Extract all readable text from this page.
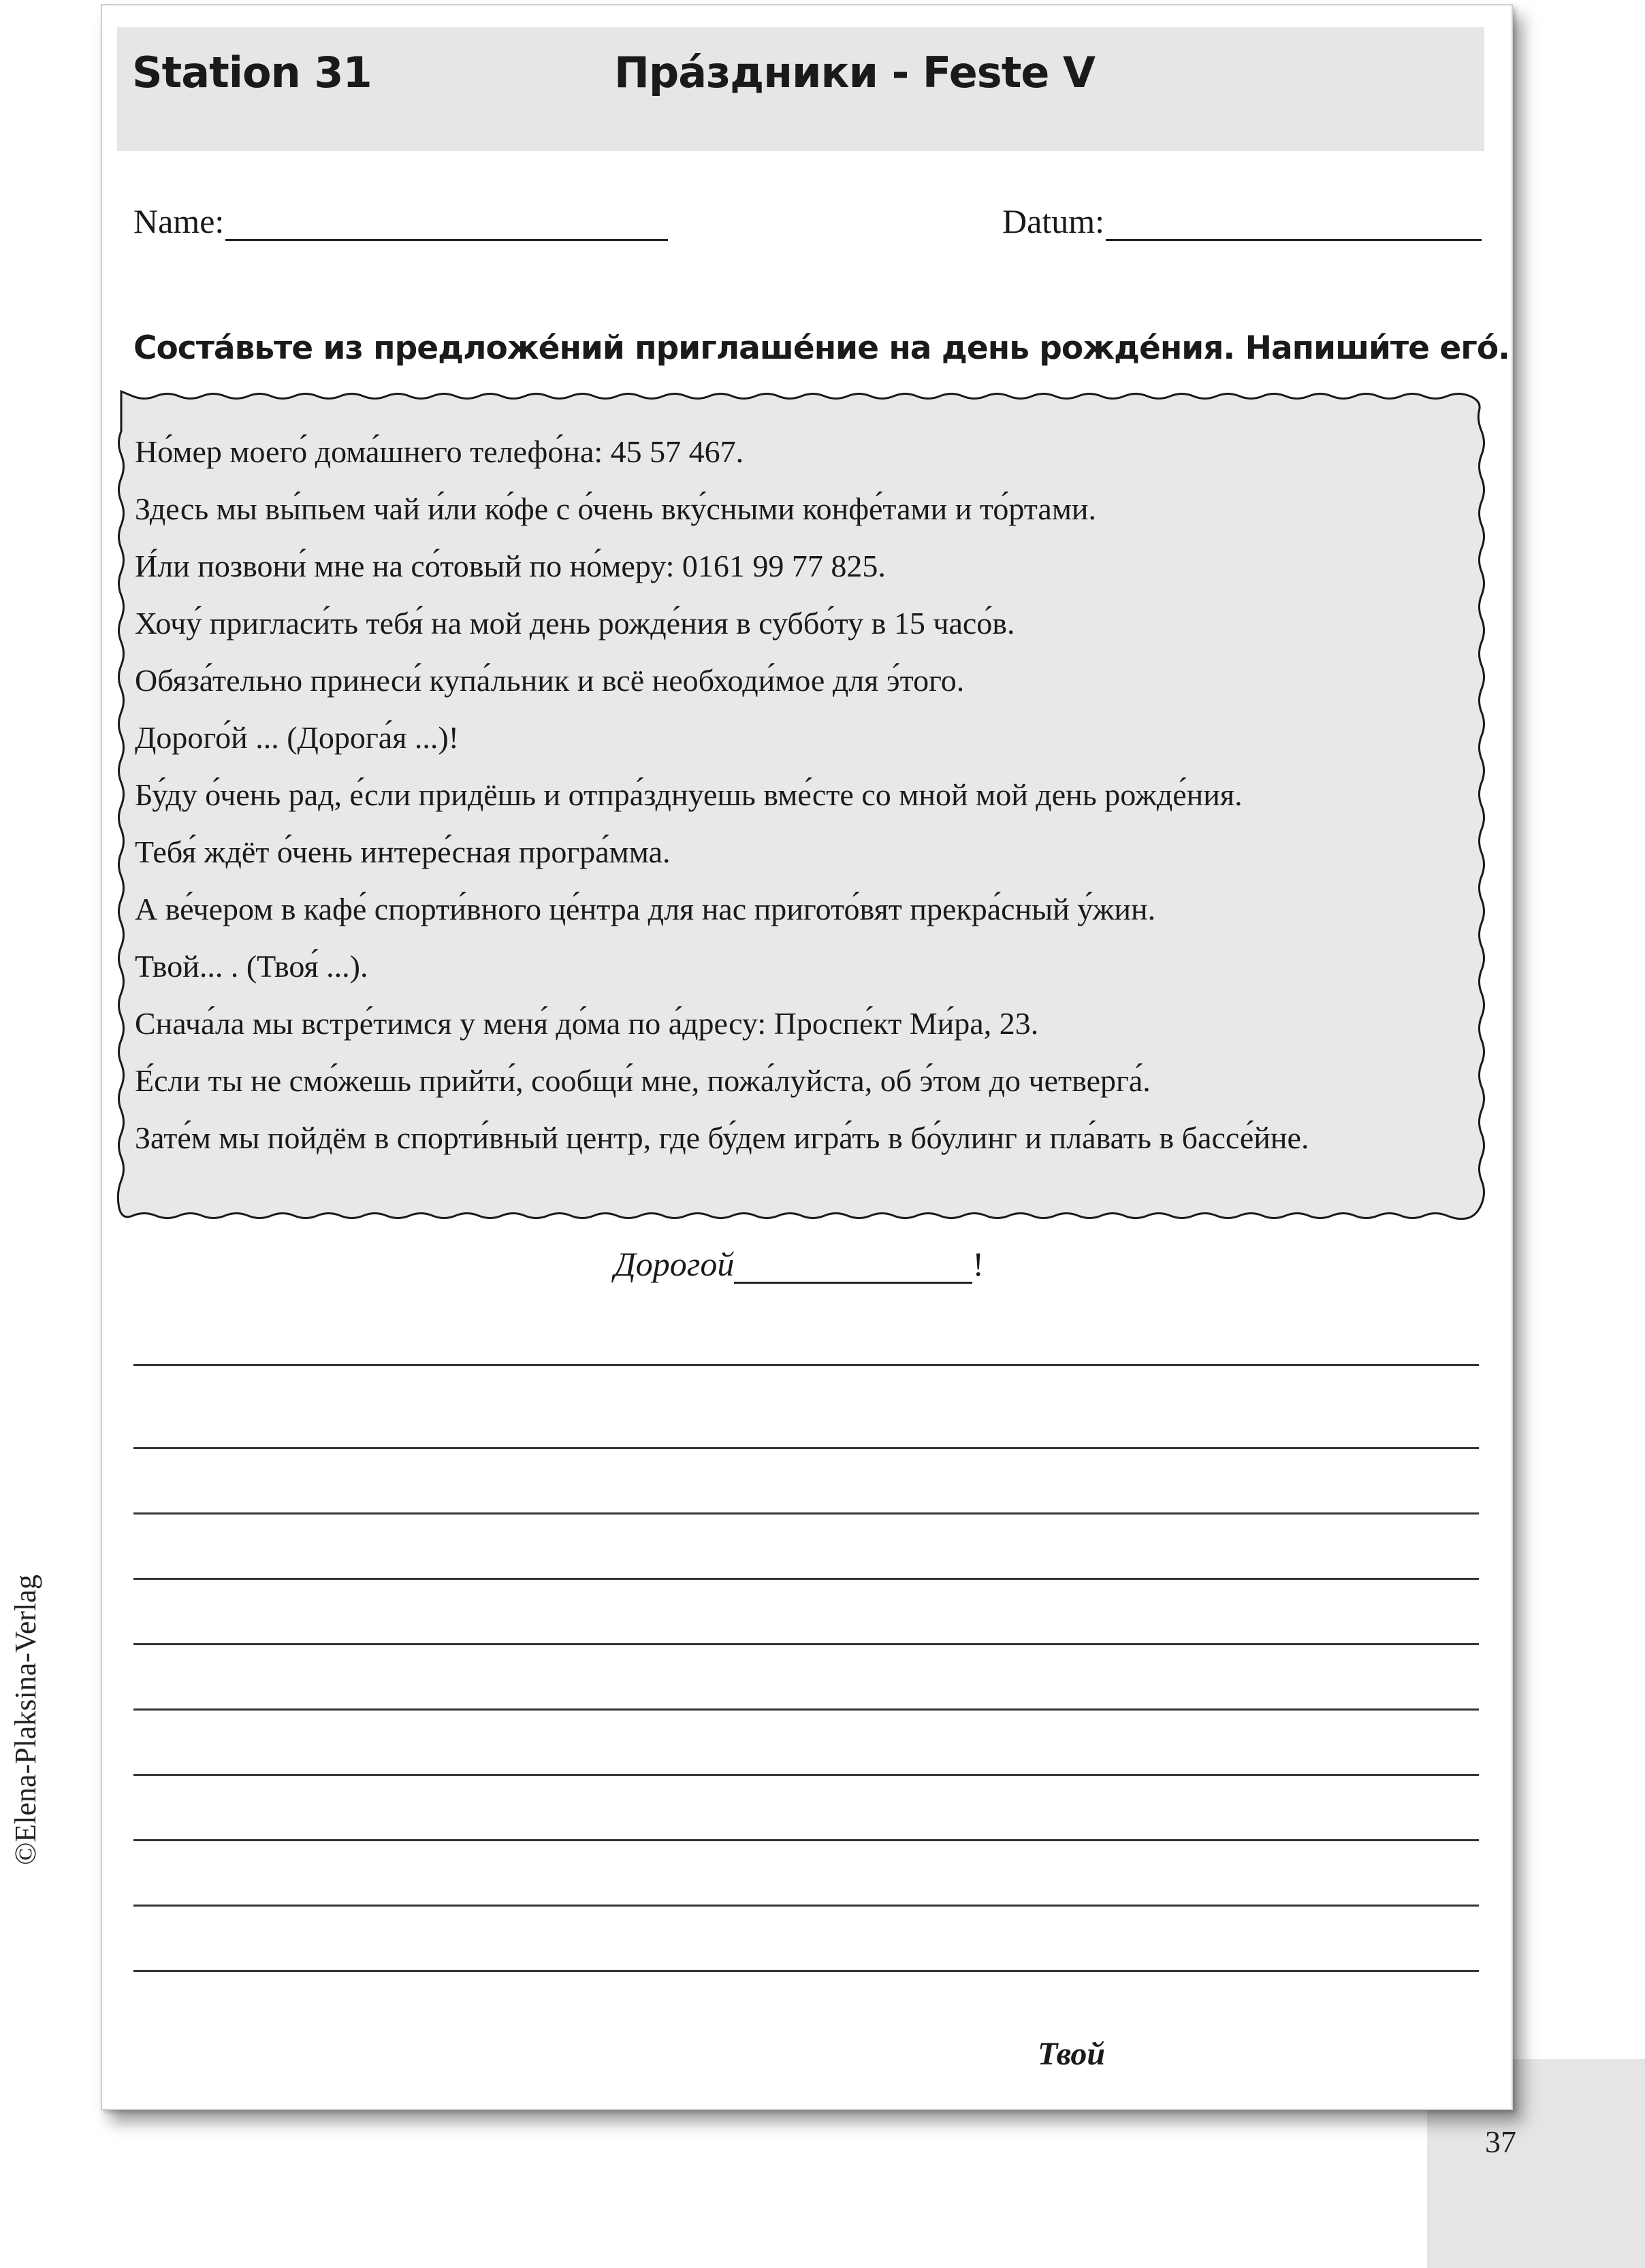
37
©Elena-Plaksina-Verlag
Station 31	Пра́здники - Feste V
Name:	Datum:
Соста́вьте из предложе́ний приглаше́ние на день рожде́ния. Напиши́те его́.
Но́мер моего́ дома́шнего телефо́на: 45 57 467.
Здесь мы вы́пьем чай и́ли ко́фе с о́чень вку́сными конфе́тами и то́ртами.
И́ли позвони́ мне на со́товый по но́меру: 0161 99 77 825.
Хочу́ пригласи́ть тебя́ на мой день рожде́ния в суббо́ту в 15 часо́в.
Обяза́тельно принеси́ купа́льник и всё необходи́мое для э́того.
Дорого́й ... (Дорога́я ...)!
Бу́ду о́чень рад, е́сли придёшь и отпра́зднуешь вме́сте со мной мой день рожде́ния.
Тебя́ ждёт о́чень интере́сная програ́мма.
А ве́чером в кафе́ спорти́вного це́нтра для нас пригото́вят прекра́сный у́жин.
Твой... . (Твоя́ ...).
Снача́ла мы встре́тимся у меня́ до́ма по а́дресу: Проспе́кт Ми́ра, 23.
Е́сли ты не смо́жешь прийти́, сообщи́ мне, пожа́луйста, об э́том до четверга́.
Зате́м мы пойдём в спорти́вный центр, где бу́дем игра́ть в бо́улинг и пла́вать в бассе́йне.
Дорогой	!
Твой
